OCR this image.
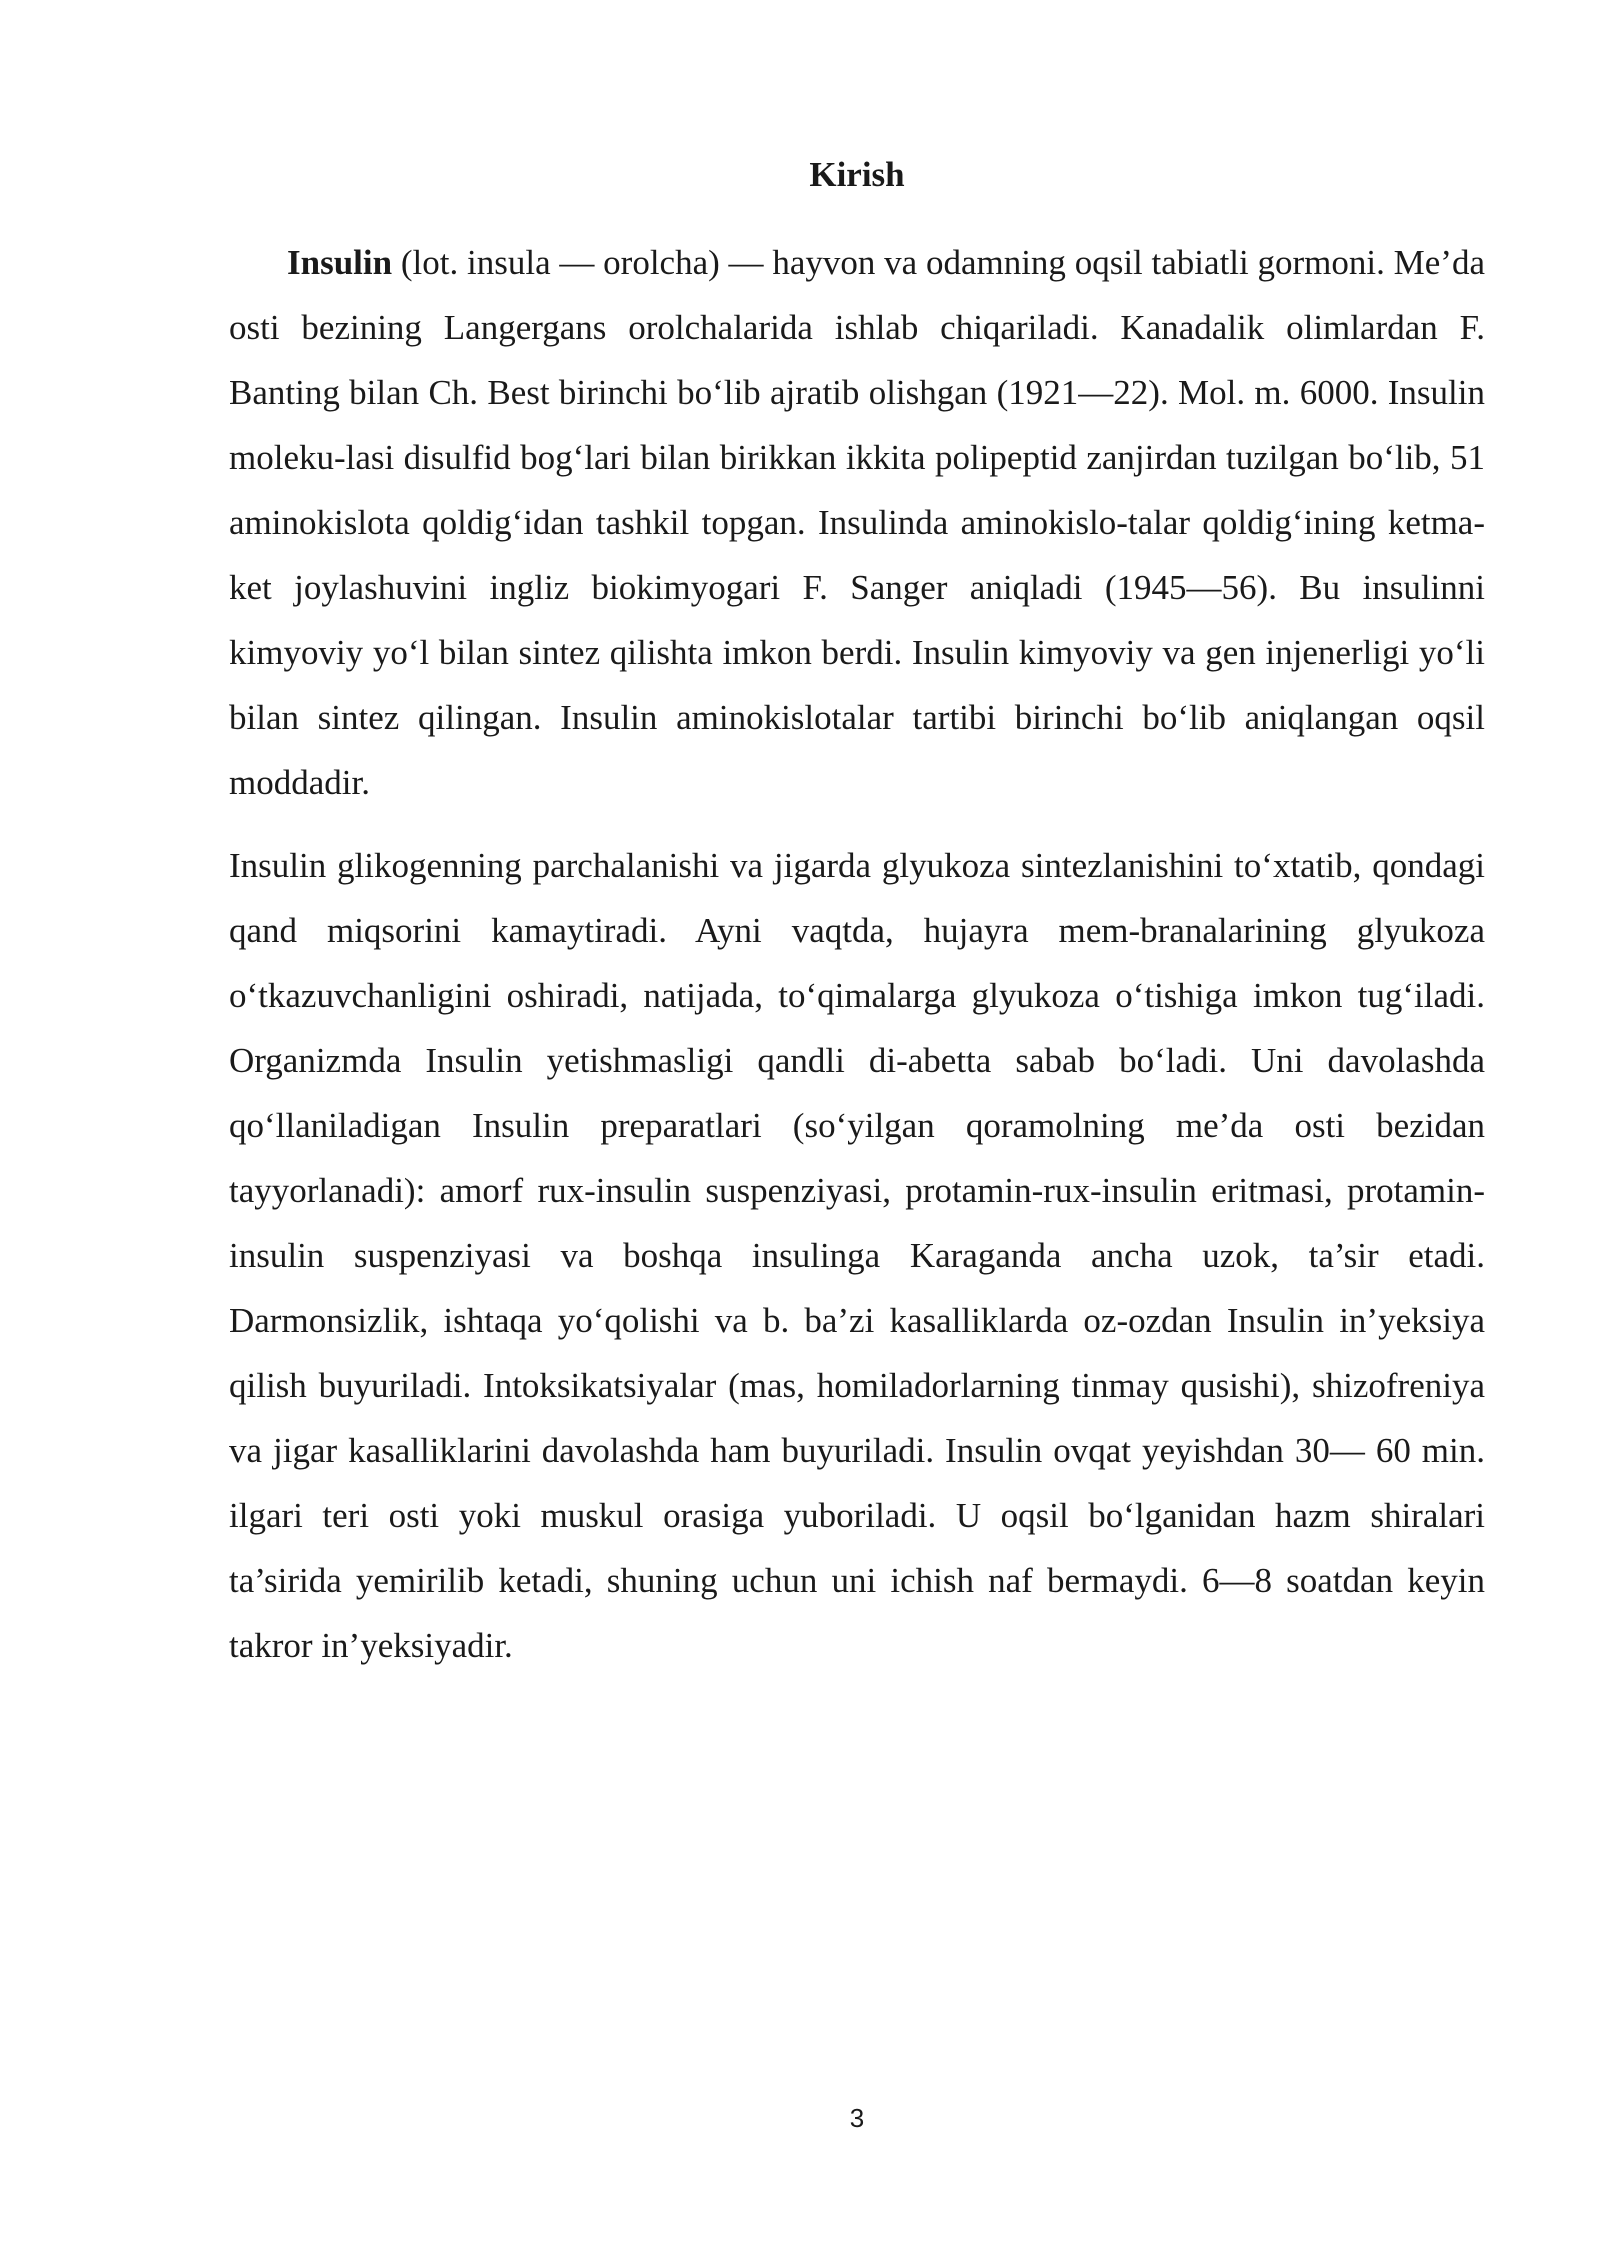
Kirish

Insulin (lot. insula — orolcha) — hayvon va odamning oqsil tabiatli gormoni. Me’da osti bezining Langergans orolchalarida ishlab chiqariladi. Kanadalik olimlardan F. Banting bilan Ch. Best birinchi bo‘lib ajratib olishgan (1921—22). Mol. m. 6000. Insulin moleku-lasi disulfid bog‘lari bilan birikkan ikkita polipeptid zanjirdan tuzilgan bo‘lib, 51 aminokislota qoldig‘idan tashkil topgan. Insulinda aminokislo-talar qoldig‘ining ketma-ket joylashuvini ingliz biokimyogari F. Sanger aniqladi (1945—56). Bu insulinni kimyoviy yo‘l bilan sintez qilishta imkon berdi. Insulin kimyoviy va gen injenerligi yo‘li bilan sintez qilingan. Insulin aminokislotalar tartibi birinchi bo‘lib aniqlangan oqsil moddadir.

Insulin glikogenning parchalanishi va jigarda glyukoza sintezlanishini to‘xtatib, qondagi qand miqsorini kamaytiradi. Ayni vaqtda, hujayra mem-branalarining glyukoza o‘tkazuvchanligini oshiradi, natijada, to‘qimalarga glyukoza o‘tishiga imkon tug‘iladi. Organizmda Insulin yetishmasligi qandli di-abetta sabab bo‘ladi. Uni davolashda qo‘llaniladigan Insulin preparatlari (so‘yilgan qoramolning me’da osti bezidan tayyorlanadi): amorf rux-insulin suspenziyasi, protamin-rux-insulin eritmasi, protamin-insulin suspenziyasi va boshqa insulinga Karaganda ancha uzok, ta’sir etadi. Darmonsizlik, ishtaqa yo‘qolishi va b. ba’zi kasalliklarda oz-ozdan Insulin in’yeksiya qilish buyuriladi. Intoksikatsiyalar (mas, homiladorlarning tinmay qusishi), shizofreniya va jigar kasalliklarini davolashda ham buyuriladi. Insulin ovqat yeyishdan 30— 60 min. ilgari teri osti yoki muskul orasiga yuboriladi. U oqsil bo‘lganidan hazm shiralari ta’sirida yemirilib ketadi, shuning uchun uni ichish naf bermaydi. 6—8 soatdan keyin takror in’yeksiyadir.

3
